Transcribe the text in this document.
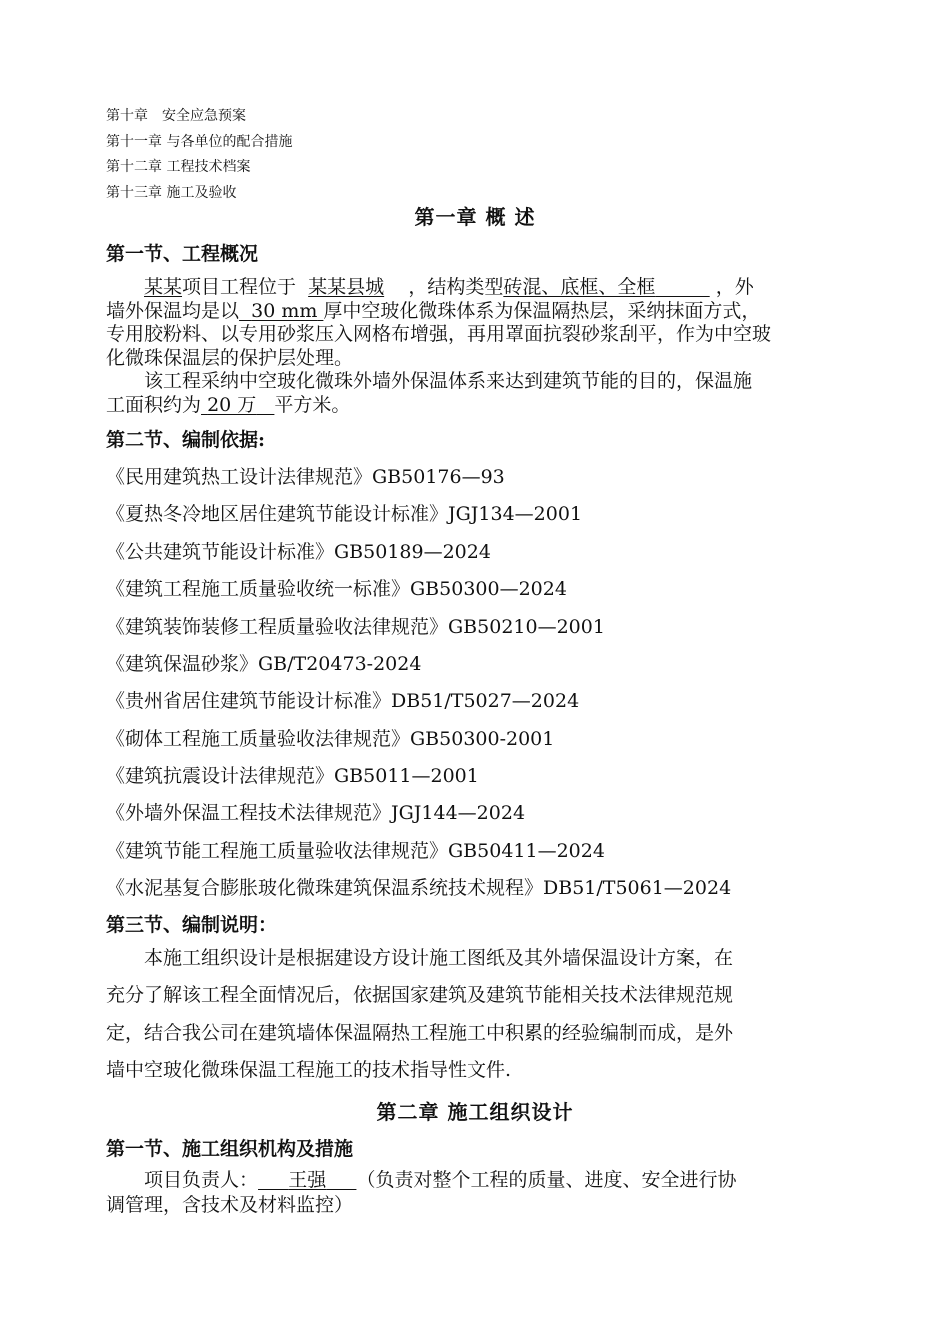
第十章　安全应急预案
第十一章 与各单位的配合措施
第十二章 工程技术档案
第十三章 施工及验收
第一章 概 述
第一节、工程概况
某某项目工程位于 某某县城 ，结构类型砖混、底框、全框	，外
墙外保温均是以 30 mm 厚中空玻化微珠体系为保温隔热层，采纳抹面方式，
专用胶粉料、以专用砂浆压入网格布增强，再用罩面抗裂砂浆刮平，作为中空玻
化微珠保温层的保护层处理。
该工程采纳中空玻化微珠外墙外保温体系来达到建筑节能的目的，保温施
工面积约为 20 万 平方米。
第二节、编制依据:
《民用建筑热工设计法律规范》GB50176—93
《夏热冬冷地区居住建筑节能设计标准》JGJ134—2001
《公共建筑节能设计标准》GB50189—2024
《建筑工程施工质量验收统一标准》GB50300—2024
《建筑装饰装修工程质量验收法律规范》GB50210—2001
《建筑保温砂浆》GB/T20473-2024
《贵州省居住建筑节能设计标准》DB51/T5027—2024
《砌体工程施工质量验收法律规范》GB50300-2001
《建筑抗震设计法律规范》GB5011—2001
《外墙外保温工程技术法律规范》JGJ144—2024
《建筑节能工程施工质量验收法律规范》GB50411—2024
《水泥基复合膨胀玻化微珠建筑保温系统技术规程》DB51/T5061—2024
第三节、编制说明：
本施工组织设计是根据建设方设计施工图纸及其外墙保温设计方案，在
充分了解该工程全面情况后，依据国家建筑及建筑节能相关技术法律规范规
定，结合我公司在建筑墙体保温隔热工程施工中积累的经验编制而成，是外
墙中空玻化微珠保温工程施工的技术指导性文件.
第二章 施工组织设计
第一节、施工组织机构及措施
项目负责人： 王强 （负责对整个工程的质量、进度、安全进行协
调管理，含技术及材料监控）
